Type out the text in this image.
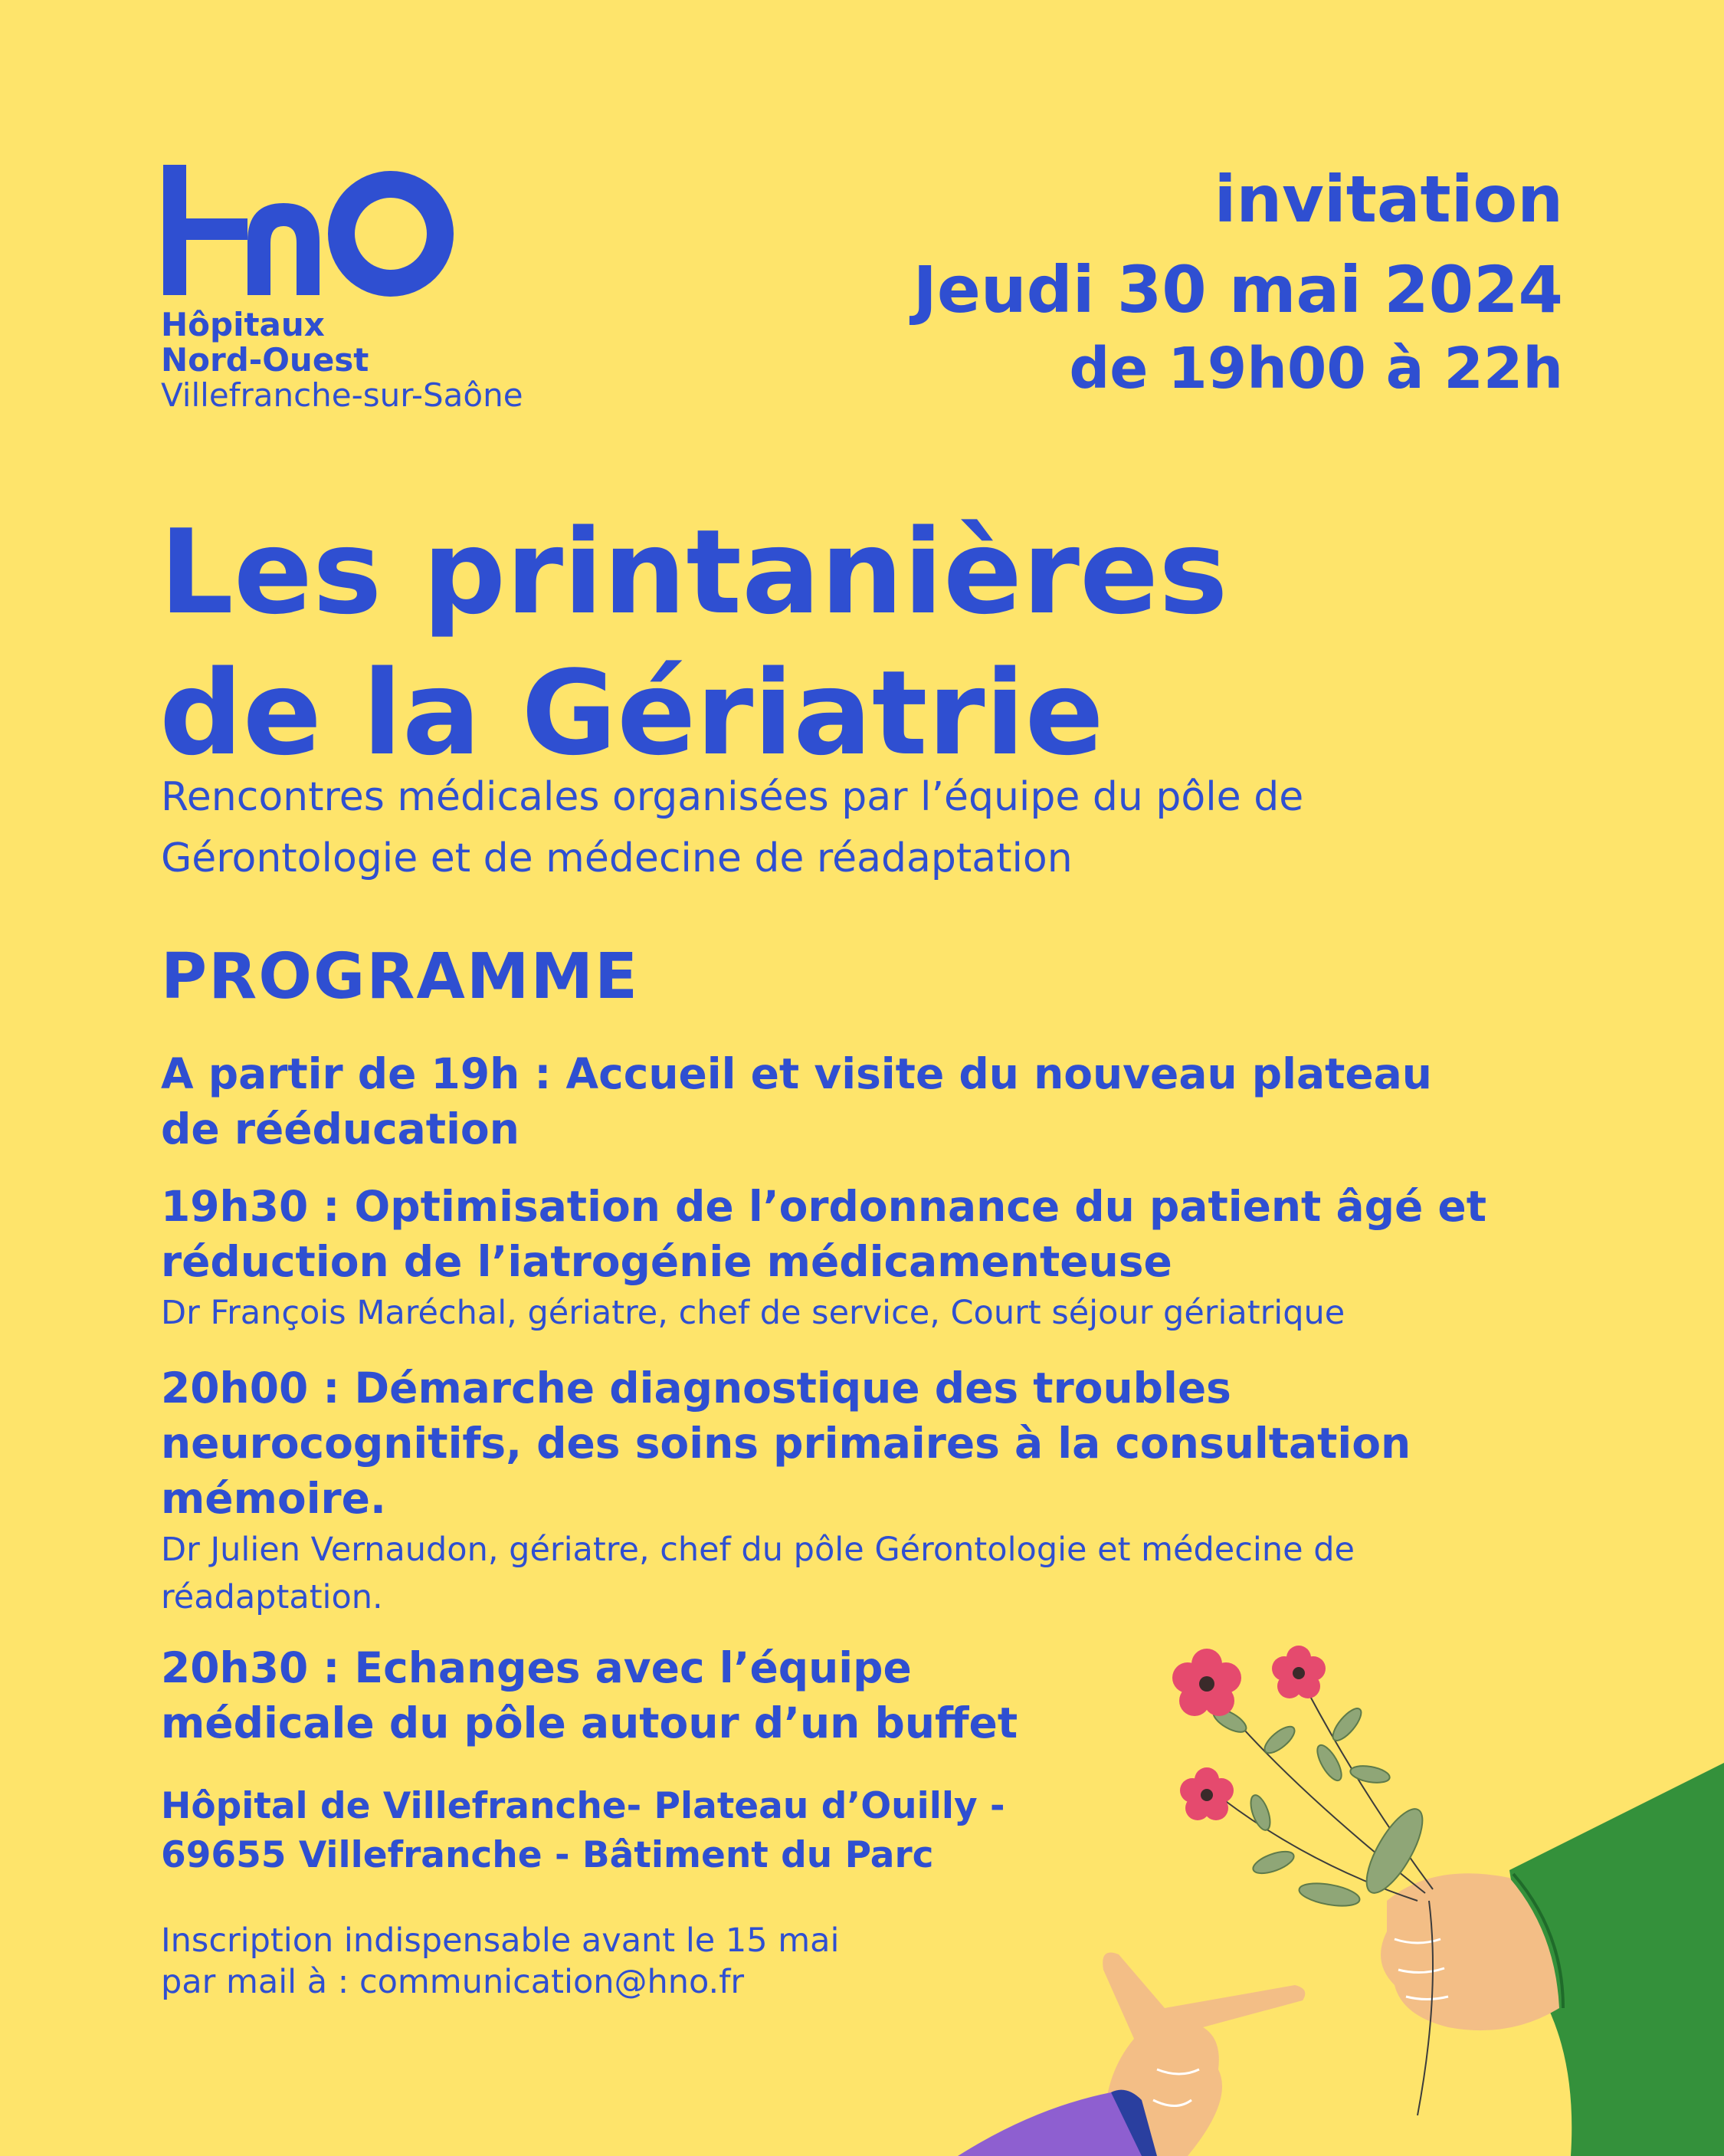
Hôpitaux
Nord-Ouest
Villefranche-sur-Saône
invitation
Jeudi 30 mai 2024
de 19h00 à 22h
Les printanières
de la Gériatrie
Rencontres médicales organisées par l’équipe du pôle de
Gérontologie et de médecine de réadaptation
PROGRAMME
A partir de 19h : Accueil et visite du nouveau plateau
de rééducation
19h30 : Optimisation de l’ordonnance du patient âgé et
réduction de l’iatrogénie médicamenteuse
Dr François Maréchal, gériatre, chef de service, Court séjour gériatrique
20h00 : Démarche diagnostique des troubles
neurocognitifs, des soins primaires à la consultation
mémoire.
Dr Julien Vernaudon, gériatre, chef du pôle Gérontologie et médecine de
réadaptation.
20h30 : Echanges avec l’équipe
médicale du pôle autour d’un buffet
Hôpital de Villefranche- Plateau d’Ouilly -
69655 Villefranche - Bâtiment du Parc
Inscription indispensable avant le 15 mai
par mail à : communication@hno.fr
